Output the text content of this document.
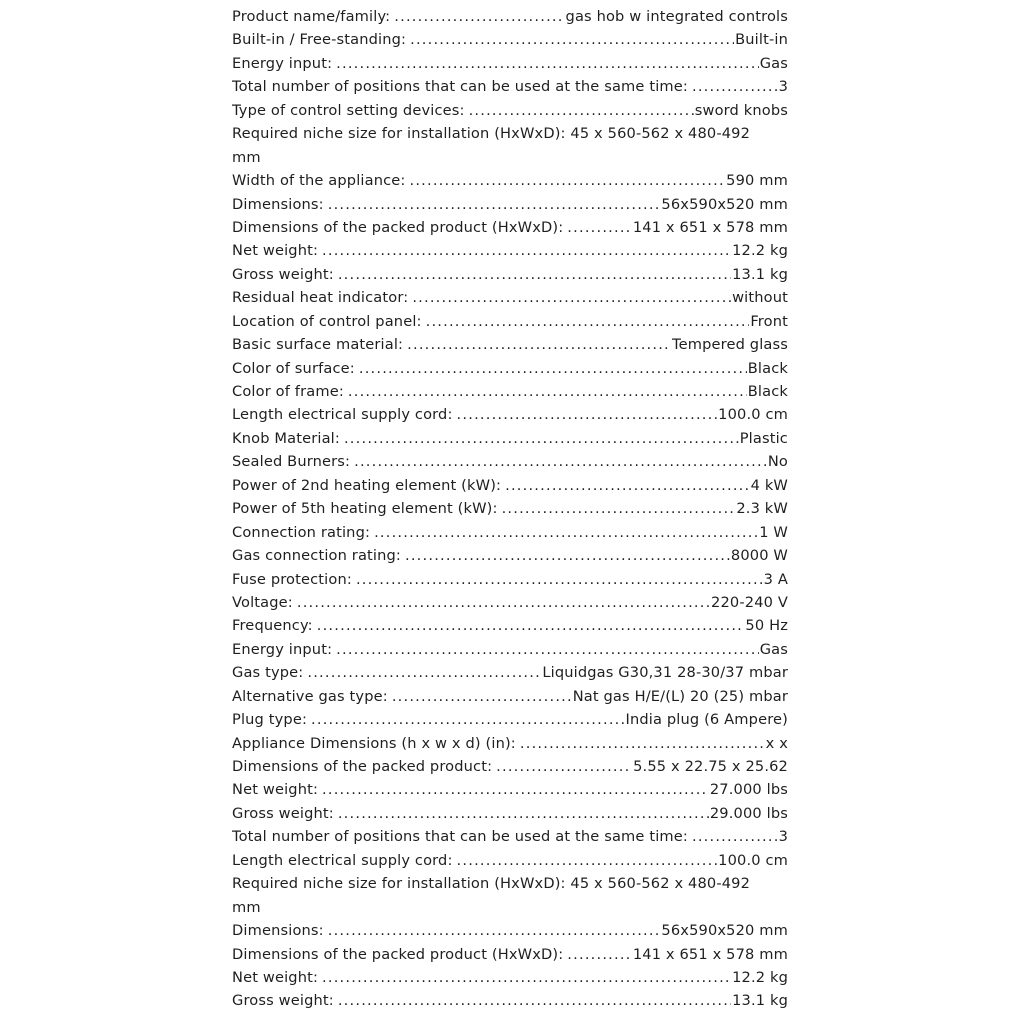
Product name/family: .....	gas hob w integrated controls
Built-in / Free-standing: .....	Built-in
Energy input: .....	Gas
Total number of positions that can be used at the same time: .....	3
Type of control setting devices: .....	sword knobs
Required niche size for installation (HxWxD): 45 x 560-562 x 480-492
mm
Width of the appliance: .....	590 mm
Dimensions: .....	56x590x520 mm
Dimensions of the packed product (HxWxD): .....	141 x 651 x 578 mm
Net weight: .....	12.2 kg
Gross weight: .....	13.1 kg
Residual heat indicator: .....	without
Location of control panel: .....	Front
Basic surface material: .....	Tempered glass
Color of surface: .....	Black
Color of frame: .....	Black
Length electrical supply cord: .....	100.0 cm
Knob Material: .....	Plastic
Sealed Burners: .....	No
Power of 2nd heating element (kW): .....	4 kW
Power of 5th heating element (kW): .....	2.3 kW
Connection rating: .....	1 W
Gas connection rating: .....	8000 W
Fuse protection: .....	3 A
Voltage: .....	220-240 V
Frequency: .....	50 Hz
Energy input: .....	Gas
Gas type: .....	Liquidgas G30,31 28-30/37 mbar
Alternative gas type: .....	Nat gas H/E/(L) 20 (25) mbar
Plug type: .....	India plug (6 Ampere)
Appliance Dimensions (h x w x d) (in): .....	x x
Dimensions of the packed product: .....	5.55 x 22.75 x 25.62
Net weight: .....	27.000 lbs
Gross weight: .....	29.000 lbs
Total number of positions that can be used at the same time: .....	3
Length electrical supply cord: .....	100.0 cm
Required niche size for installation (HxWxD): 45 x 560-562 x 480-492
mm
Dimensions: .....	56x590x520 mm
Dimensions of the packed product (HxWxD): .....	141 x 651 x 578 mm
Net weight: .....	12.2 kg
Gross weight: .....	13.1 kg
